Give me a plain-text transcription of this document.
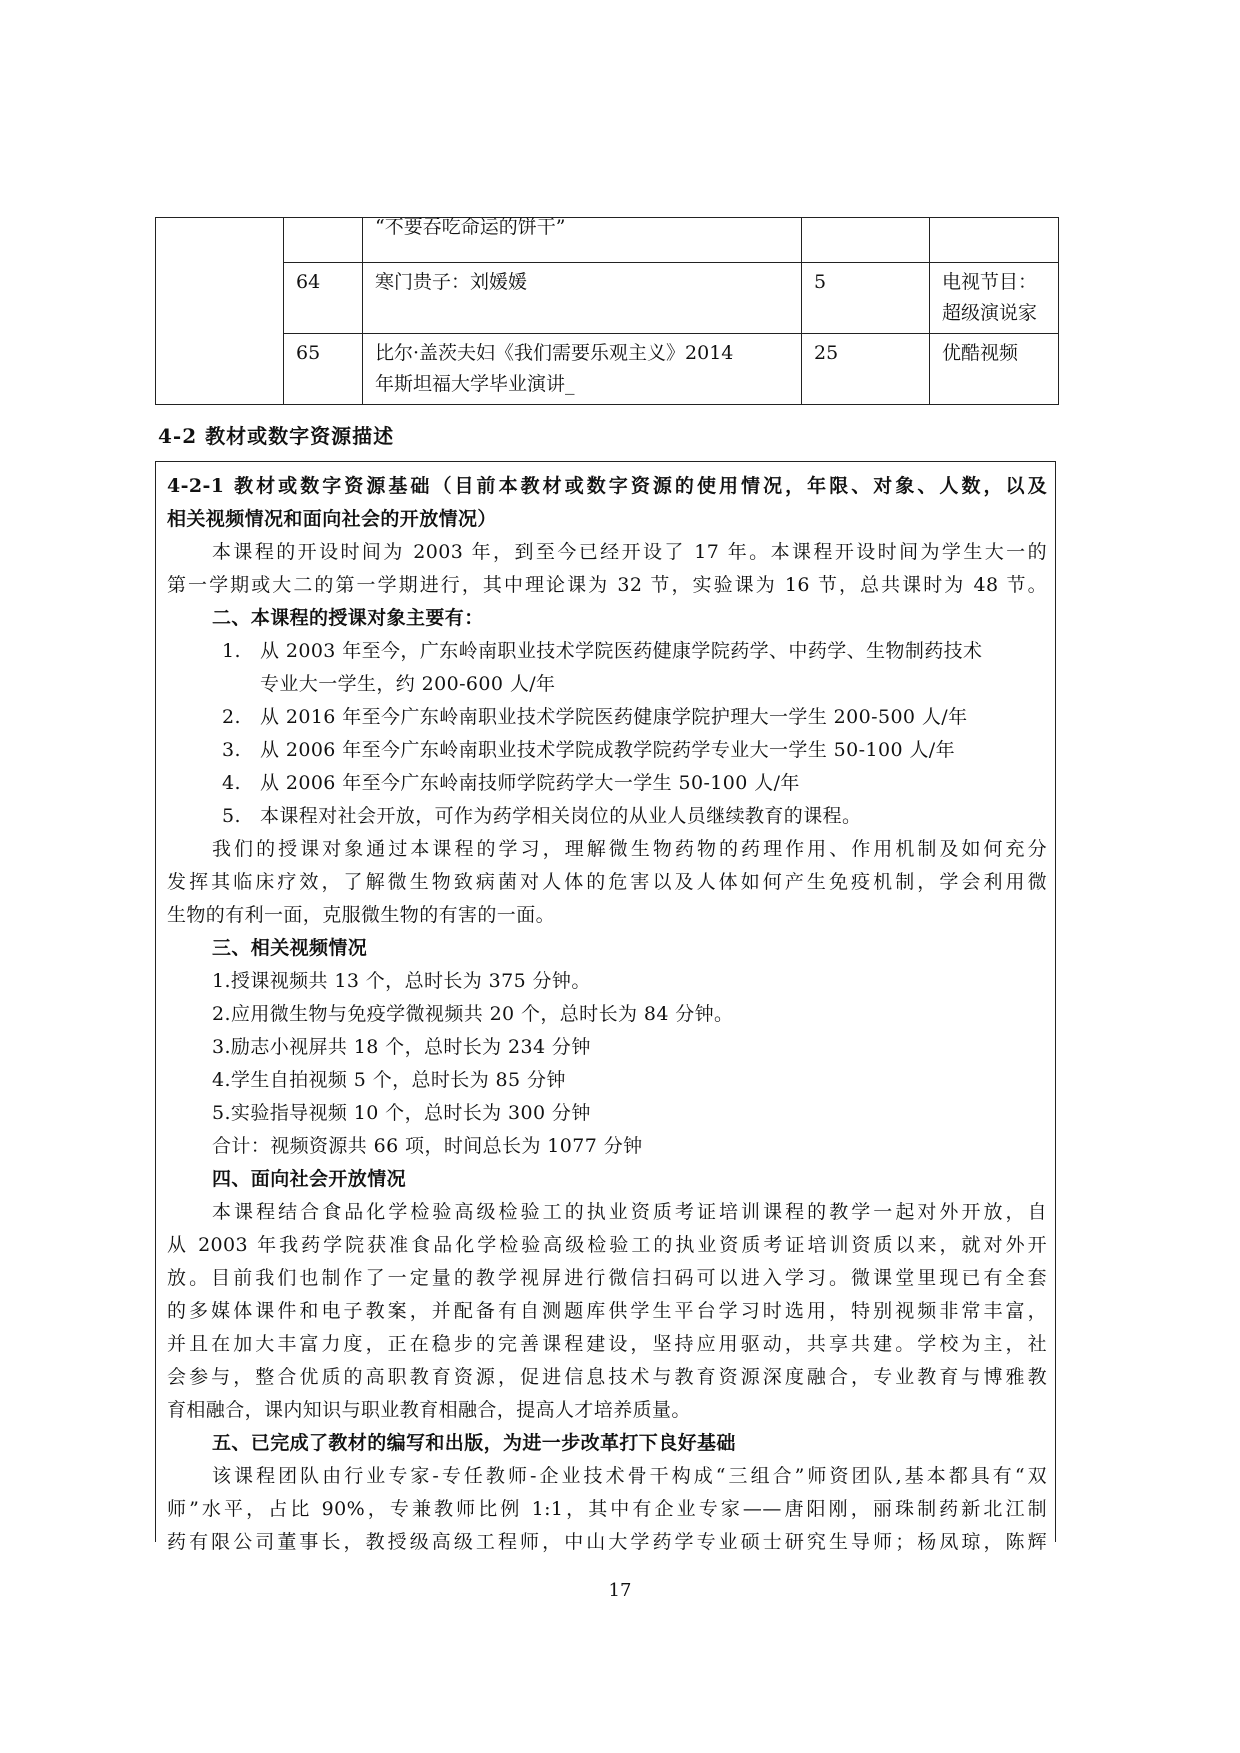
		“不要吞吃命运的饼干”		

	64	寒门贵子：刘媛媛	5	电视节目：
超级演说家

	65	比尔·盖茨夫妇《我们需要乐观主义》2014
年斯坦福大学毕业演讲_	25	优酷视频
4-2 教材或数字资源描述
4-2-1 教材或数字资源基础（目前本教材或数字资源的使用情况，年限、对象、人数，以及
相关视频情况和面向社会的开放情况）
本课程的开设时间为 2003 年，到至今已经开设了 17 年。本课程开设时间为学生大一的
第一学期或大二的第一学期进行，其中理论课为 32 节，实验课为 16 节，总共课时为 48 节。
二、本课程的授课对象主要有：
1. 从 2003 年至今，广东岭南职业技术学院医药健康学院药学、中药学、生物制药技术
专业大一学生，约 200-600 人/年
2. 从 2016 年至今广东岭南职业技术学院医药健康学院护理大一学生 200-500 人/年
3. 从 2006 年至今广东岭南职业技术学院成教学院药学专业大一学生 50-100 人/年
4. 从 2006 年至今广东岭南技师学院药学大一学生 50-100 人/年
5. 本课程对社会开放，可作为药学相关岗位的从业人员继续教育的课程。
我们的授课对象通过本课程的学习，理解微生物药物的药理作用、作用机制及如何充分
发挥其临床疗效，了解微生物致病菌对人体的危害以及人体如何产生免疫机制，学会利用微
生物的有利一面，克服微生物的有害的一面。
三、相关视频情况
1.授课视频共 13 个，总时长为 375 分钟。
2.应用微生物与免疫学微视频共 20 个，总时长为 84 分钟。
3.励志小视屏共 18 个，总时长为 234 分钟
4.学生自拍视频 5 个，总时长为 85 分钟
5.实验指导视频 10 个，总时长为 300 分钟
合计：视频资源共 66 项，时间总长为 1077 分钟
四、面向社会开放情况
本课程结合食品化学检验高级检验工的执业资质考证培训课程的教学一起对外开放，自
从 2003 年我药学院获准食品化学检验高级检验工的执业资质考证培训资质以来，就对外开
放。目前我们也制作了一定量的教学视屏进行微信扫码可以进入学习。微课堂里现已有全套
的多媒体课件和电子教案，并配备有自测题库供学生平台学习时选用，特别视频非常丰富，
并且在加大丰富力度，正在稳步的完善课程建设，坚持应用驱动，共享共建。学校为主，社
会参与，整合优质的高职教育资源，促进信息技术与教育资源深度融合，专业教育与博雅教
育相融合，课内知识与职业教育相融合，提高人才培养质量。
五、已完成了教材的编写和出版，为进一步改革打下良好基础
该课程团队由行业专家-专任教师-企业技术骨干构成“三组合”师资团队,基本都具有“双
师”水平，占比 90%，专兼教师比例 1:1，其中有企业专家——唐阳刚，丽珠制药新北江制
药有限公司董事长，教授级高级工程师，中山大学药学专业硕士研究生导师；杨凤琼，陈辉
17
